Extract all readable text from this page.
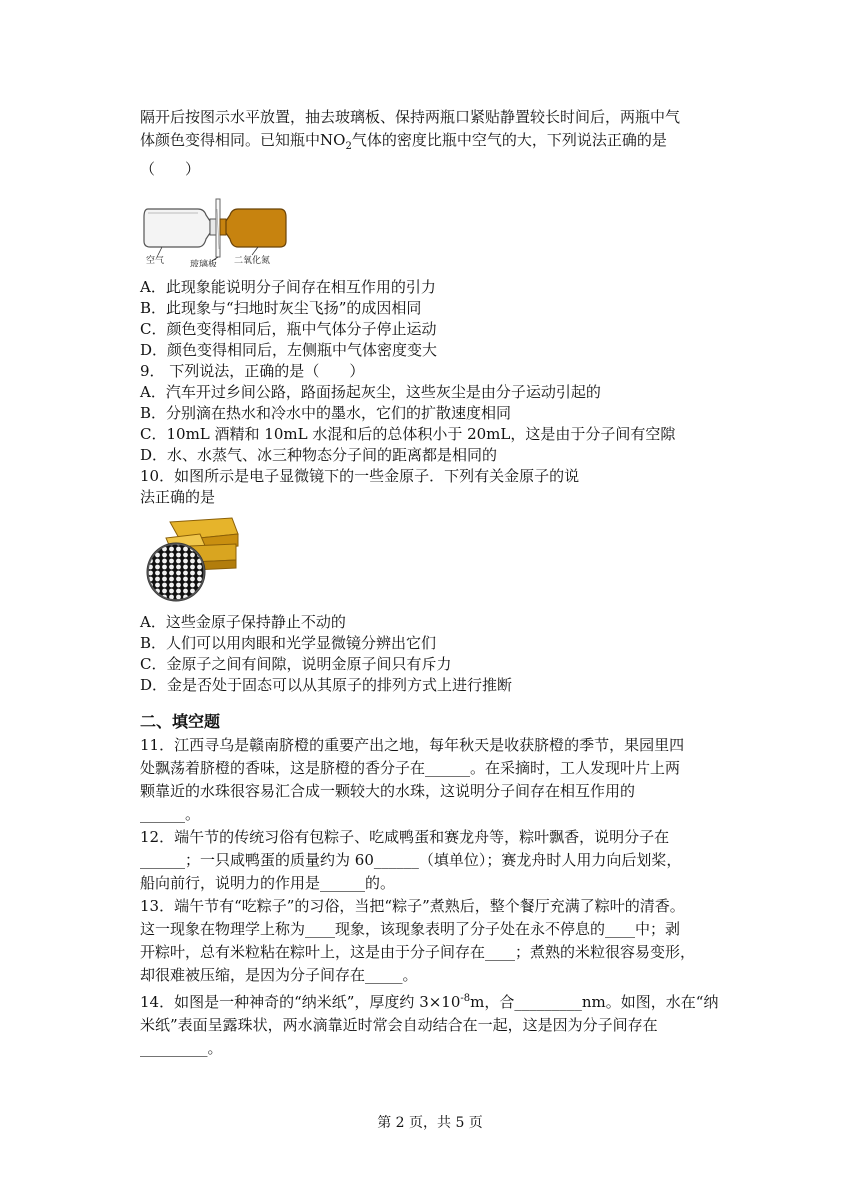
隔开后按图示水平放置，抽去玻璃板、保持两瓶口紧贴静置较长时间后，两瓶中气
体颜色变得相同。已知瓶中$NO_2$气体的密度比瓶中空气的大，下列说法正确的是
（　　）
空气	玻璃板 二氧化氮
A．此现象能说明分子间存在相互作用的引力
B．此现象与“扫地时灰尘飞扬”的成因相同
C．颜色变得相同后，瓶中气体分子停止运动
D．颜色变得相同后，左侧瓶中气体密度变大
9． 下列说法，正确的是（　　）
A．汽车开过乡间公路，路面扬起灰尘，这些灰尘是由分子运动引起的
B．分别滴在热水和冷水中的墨水，它们的扩散速度相同
C．10mL 酒精和 10mL 水混和后的总体积小于 20mL，这是由于分子间有空隙
D．水、水蒸气、冰三种物态分子间的距离都是相同的
10．如图所示是电子显微镜下的一些金原子．下列有关金原子的说
法正确的是
A．这些金原子保持静止不动的
B．人们可以用肉眼和光学显微镜分辨出它们
C．金原子之间有间隙，说明金原子间只有斥力
D．金是否处于固态可以从其原子的排列方式上进行推断
二、填空题
11．江西寻乌是赣南脐橙的重要产出之地，每年秋天是收获脐橙的季节，果园里四
处飘荡着脐橙的香味，这是脐橙的香分子在______。在采摘时，工人发现叶片上两
颗靠近的水珠很容易汇合成一颗较大的水珠，这说明分子间存在相互作用的
______。
12．端午节的传统习俗有包粽子、吃咸鸭蛋和赛龙舟等，粽叶飘香，说明分子在
______；一只咸鸭蛋的质量约为 60______（填单位）；赛龙舟时人用力向后划桨，
船向前行，说明力的作用是______的。
13．端午节有“吃粽子”的习俗，当把“粽子”煮熟后，整个餐厅充满了粽叶的清香。
这一现象在物理学上称为____现象，该现象表明了分子处在永不停息的____中；剥
开粽叶，总有米粒粘在粽叶上，这是由于分子间存在____；煮熟的米粒很容易变形，
却很难被压缩，是因为分子间存在_____。
14．如图是一种神奇的“纳米纸”，厚度约 $3\times 10^{-8}m$，合_________nm。如图，水在“纳
米纸”表面呈露珠状，两水滴靠近时常会自动结合在一起，这是因为分子间存在
_________。
第 2 页，共 5 页
